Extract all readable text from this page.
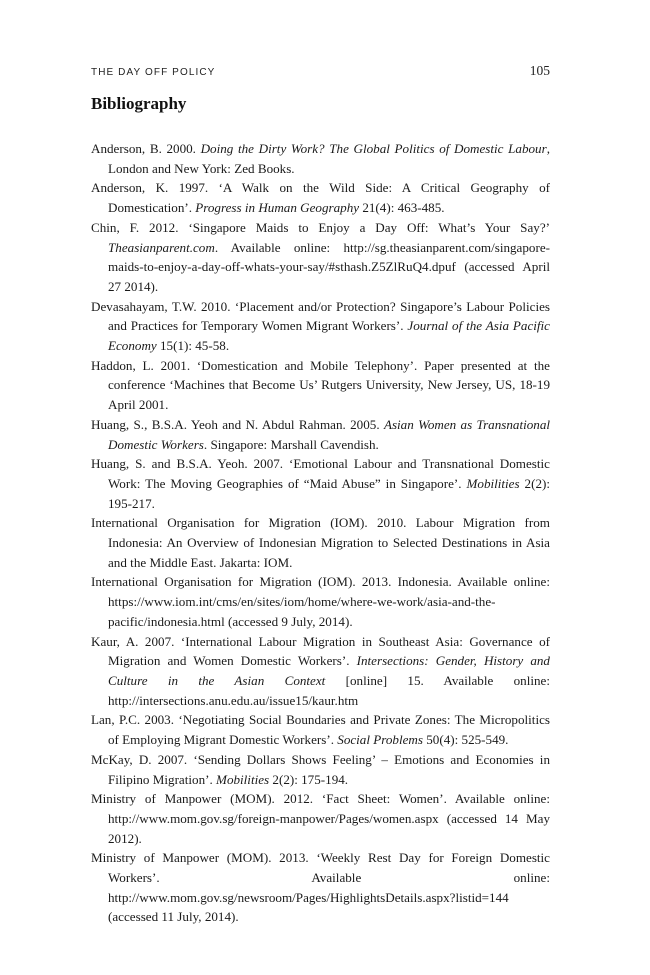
THE DAY OFF POLICY	105
Bibliography
Anderson, B. 2000. Doing the Dirty Work? The Global Politics of Domestic Labour, London and New York: Zed Books.
Anderson, K. 1997. ‘A Walk on the Wild Side: A Critical Geography of Domestication’. Progress in Human Geography 21(4): 463-485.
Chin, F. 2012. ‘Singapore Maids to Enjoy a Day Off: What’s Your Say?’ Theasianparent.com. Available online: http://sg.theasianparent.com/singapore-maids-to-enjoy-a-day-off-whats-your-say/#sthash.Z5ZlRuQ4.dpuf (accessed April 27 2014).
Devasahayam, T.W. 2010. ‘Placement and/or Protection? Singapore’s Labour Policies and Practices for Temporary Women Migrant Workers’. Journal of the Asia Pacific Economy 15(1): 45-58.
Haddon, L. 2001. ‘Domestication and Mobile Telephony’. Paper presented at the conference ‘Machines that Become Us’ Rutgers University, New Jersey, US, 18-19 April 2001.
Huang, S., B.S.A. Yeoh and N. Abdul Rahman. 2005. Asian Women as Transnational Domestic Workers. Singapore: Marshall Cavendish.
Huang, S. and B.S.A. Yeoh. 2007. ‘Emotional Labour and Transnational Domestic Work: The Moving Geographies of “Maid Abuse” in Singapore’. Mobilities 2(2): 195-217.
International Organisation for Migration (IOM). 2010. Labour Migration from Indonesia: An Overview of Indonesian Migration to Selected Destinations in Asia and the Middle East. Jakarta: IOM.
International Organisation for Migration (IOM). 2013. Indonesia. Available online: https://www.iom.int/cms/en/sites/iom/home/where-we-work/asia-and-the-pacific/indonesia.html (accessed 9 July, 2014).
Kaur, A. 2007. ‘International Labour Migration in Southeast Asia: Governance of Migration and Women Domestic Workers’. Intersections: Gender, History and Culture in the Asian Context [online] 15. Available online: http://intersections.anu.edu.au/issue15/kaur.htm
Lan, P.C. 2003. ‘Negotiating Social Boundaries and Private Zones: The Micropolitics of Employing Migrant Domestic Workers’. Social Problems 50(4): 525-549.
McKay, D. 2007. ‘Sending Dollars Shows Feeling’ – Emotions and Economies in Filipino Migration’. Mobilities 2(2): 175-194.
Ministry of Manpower (MOM). 2012. ‘Fact Sheet: Women’. Available online: http://www.mom.gov.sg/foreign-manpower/Pages/women.aspx (accessed 14 May 2012).
Ministry of Manpower (MOM). 2013. ‘Weekly Rest Day for Foreign Domestic Workers’. Available online: http://www.mom.gov.sg/newsroom/Pages/HighlightsDetails.aspx?listid=144 (accessed 11 July, 2014).
